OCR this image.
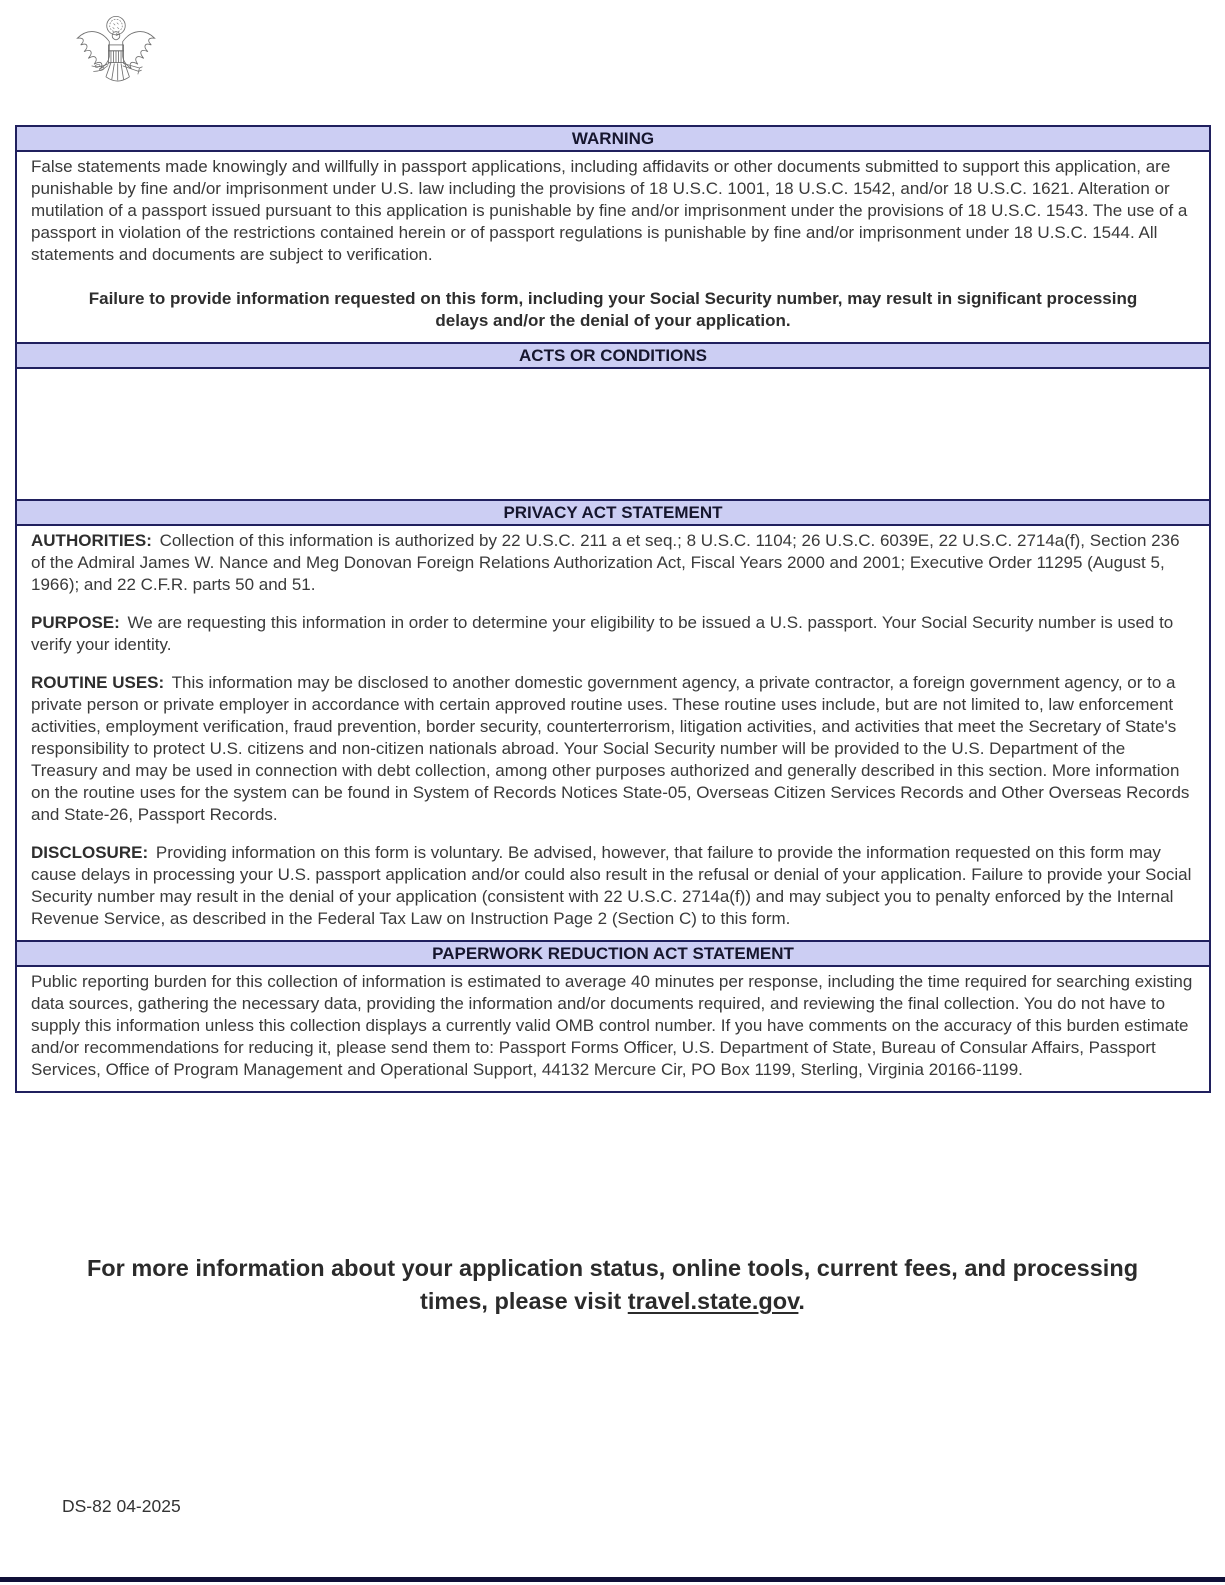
WARNING

False statements made knowingly and willfully in passport applications, including affidavits or other documents submitted to support this application, are punishable by fine and/or imprisonment under U.S. law including the provisions of 18 U.S.C. 1001, 18 U.S.C. 1542, and/or 18 U.S.C. 1621. Alteration or mutilation of a passport issued pursuant to this application is punishable by fine and/or imprisonment under the provisions of 18 U.S.C. 1543. The use of a passport in violation of the restrictions contained herein or of passport regulations is punishable by fine and/or imprisonment under 18 U.S.C. 1544. All statements and documents are subject to verification.

Failure to provide information requested on this form, including your Social Security number, may result in significant processing delays and/or the denial of your application.

ACTS OR CONDITIONS
PRIVACY ACT STATEMENT

AUTHORITIES: Collection of this information is authorized by 22 U.S.C. 211 a et seq.; 8 U.S.C. 1104; 26 U.S.C. 6039E, 22 U.S.C. 2714a(f), Section 236 of the Admiral James W. Nance and Meg Donovan Foreign Relations Authorization Act, Fiscal Years 2000 and 2001; Executive Order 11295 (August 5, 1966); and 22 C.F.R. parts 50 and 51.

PURPOSE: We are requesting this information in order to determine your eligibility to be issued a U.S. passport. Your Social Security number is used to verify your identity.

ROUTINE USES: This information may be disclosed to another domestic government agency, a private contractor, a foreign government agency, or to a private person or private employer in accordance with certain approved routine uses. These routine uses include, but are not limited to, law enforcement activities, employment verification, fraud prevention, border security, counterterrorism, litigation activities, and activities that meet the Secretary of State's responsibility to protect U.S. citizens and non-citizen nationals abroad. Your Social Security number will be provided to the U.S. Department of the Treasury and may be used in connection with debt collection, among other purposes authorized and generally described in this section. More information on the routine uses for the system can be found in System of Records Notices State-05, Overseas Citizen Services Records and Other Overseas Records and State-26, Passport Records.

DISCLOSURE: Providing information on this form is voluntary. Be advised, however, that failure to provide the information requested on this form may cause delays in processing your U.S. passport application and/or could also result in the refusal or denial of your application. Failure to provide your Social Security number may result in the denial of your application (consistent with 22 U.S.C. 2714a(f)) and may subject you to penalty enforced by the Internal Revenue Service, as described in the Federal Tax Law on Instruction Page 2 (Section C) to this form.

PAPERWORK REDUCTION ACT STATEMENT

Public reporting burden for this collection of information is estimated to average 40 minutes per response, including the time required for searching existing data sources, gathering the necessary data, providing the information and/or documents required, and reviewing the final collection. You do not have to supply this information unless this collection displays a currently valid OMB control number. If you have comments on the accuracy of this burden estimate and/or recommendations for reducing it, please send them to: Passport Forms Officer, U.S. Department of State, Bureau of Consular Affairs, Passport Services, Office of Program Management and Operational Support, 44132 Mercure Cir, PO Box 1199, Sterling, Virginia 20166-1199.

For more information about your application status, online tools, current fees, and processing times, please visit travel.state.gov.
DS-82 04-2025
